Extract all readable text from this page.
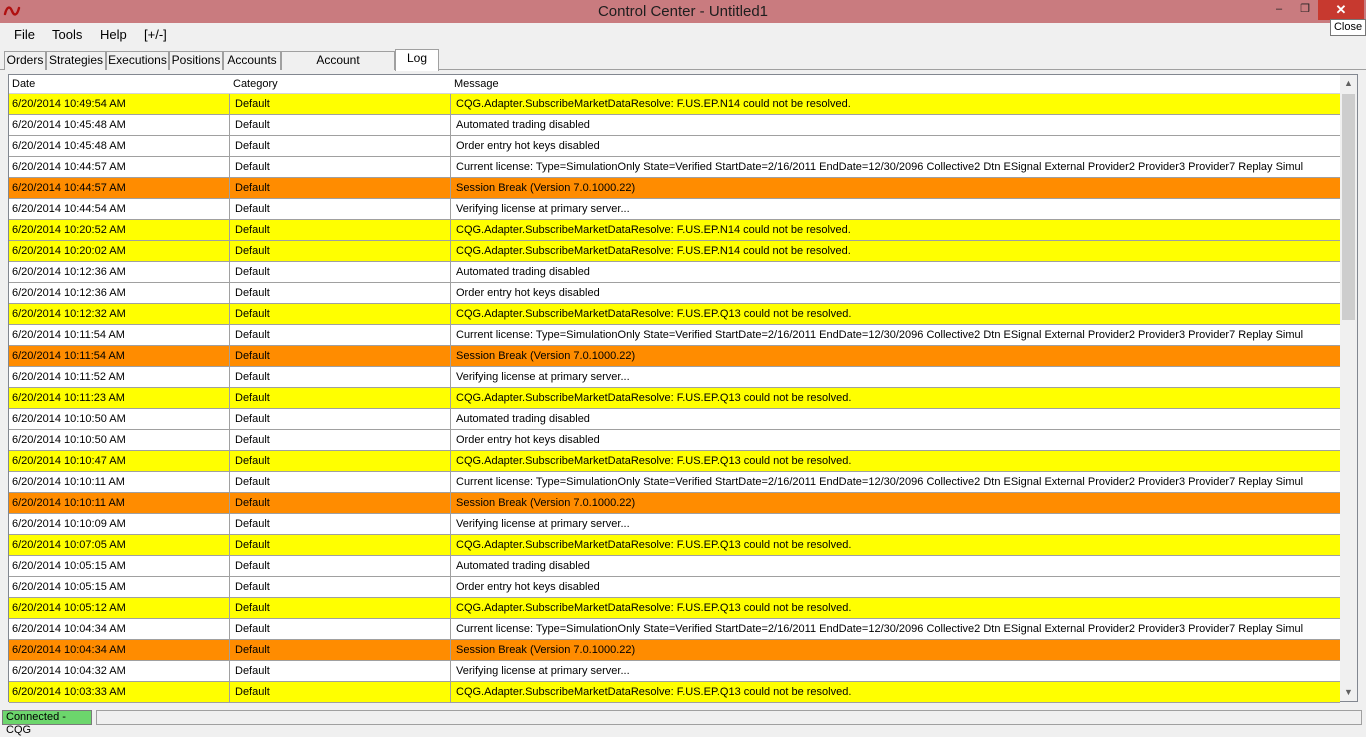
Control Center - Untitled1	–	❐	✕
Close
File Tools Help [+/-]
Orders Strategies Executions Positions Accounts	Account	Log
Date	Category	Message
6/20/2014 10:49:54 AM	Default	CQG.Adapter.SubscribeMarketDataResolve: F.US.EP.N14 could not be resolved.
6/20/2014 10:45:48 AM	Default	Automated trading disabled
6/20/2014 10:45:48 AM	Default	Order entry hot keys disabled
6/20/2014 10:44:57 AM	Default	Current license: Type=SimulationOnly State=Verified StartDate=2/16/2011 EndDate=12/30/2096 Collective2 Dtn ESignal External Provider2 Provider3 Provider7 Replay Simul
6/20/2014 10:44:57 AM	Default	Session Break (Version 7.0.1000.22)
6/20/2014 10:44:54 AM	Default	Verifying license at primary server...
6/20/2014 10:20:52 AM	Default	CQG.Adapter.SubscribeMarketDataResolve: F.US.EP.N14 could not be resolved.
6/20/2014 10:20:02 AM	Default	CQG.Adapter.SubscribeMarketDataResolve: F.US.EP.N14 could not be resolved.
6/20/2014 10:12:36 AM	Default	Automated trading disabled
6/20/2014 10:12:36 AM	Default	Order entry hot keys disabled
6/20/2014 10:12:32 AM	Default	CQG.Adapter.SubscribeMarketDataResolve: F.US.EP.Q13 could not be resolved.
6/20/2014 10:11:54 AM	Default	Current license: Type=SimulationOnly State=Verified StartDate=2/16/2011 EndDate=12/30/2096 Collective2 Dtn ESignal External Provider2 Provider3 Provider7 Replay Simul
6/20/2014 10:11:54 AM	Default	Session Break (Version 7.0.1000.22)
6/20/2014 10:11:52 AM	Default	Verifying license at primary server...
6/20/2014 10:11:23 AM	Default	CQG.Adapter.SubscribeMarketDataResolve: F.US.EP.Q13 could not be resolved.
6/20/2014 10:10:50 AM	Default	Automated trading disabled
6/20/2014 10:10:50 AM	Default	Order entry hot keys disabled
6/20/2014 10:10:47 AM	Default	CQG.Adapter.SubscribeMarketDataResolve: F.US.EP.Q13 could not be resolved.
6/20/2014 10:10:11 AM	Default	Current license: Type=SimulationOnly State=Verified StartDate=2/16/2011 EndDate=12/30/2096 Collective2 Dtn ESignal External Provider2 Provider3 Provider7 Replay Simul
6/20/2014 10:10:11 AM	Default	Session Break (Version 7.0.1000.22)
6/20/2014 10:10:09 AM	Default	Verifying license at primary server...
6/20/2014 10:07:05 AM	Default	CQG.Adapter.SubscribeMarketDataResolve: F.US.EP.Q13 could not be resolved.
6/20/2014 10:05:15 AM	Default	Automated trading disabled
6/20/2014 10:05:15 AM	Default	Order entry hot keys disabled
6/20/2014 10:05:12 AM	Default	CQG.Adapter.SubscribeMarketDataResolve: F.US.EP.Q13 could not be resolved.
6/20/2014 10:04:34 AM	Default	Current license: Type=SimulationOnly State=Verified StartDate=2/16/2011 EndDate=12/30/2096 Collective2 Dtn ESignal External Provider2 Provider3 Provider7 Replay Simul
6/20/2014 10:04:34 AM	Default	Session Break (Version 7.0.1000.22)
6/20/2014 10:04:32 AM	Default	Verifying license at primary server...
6/20/2014 10:03:33 AM	Default	CQG.Adapter.SubscribeMarketDataResolve: F.US.EP.Q13 could not be resolved.
▲
▼
Connected - CQG
